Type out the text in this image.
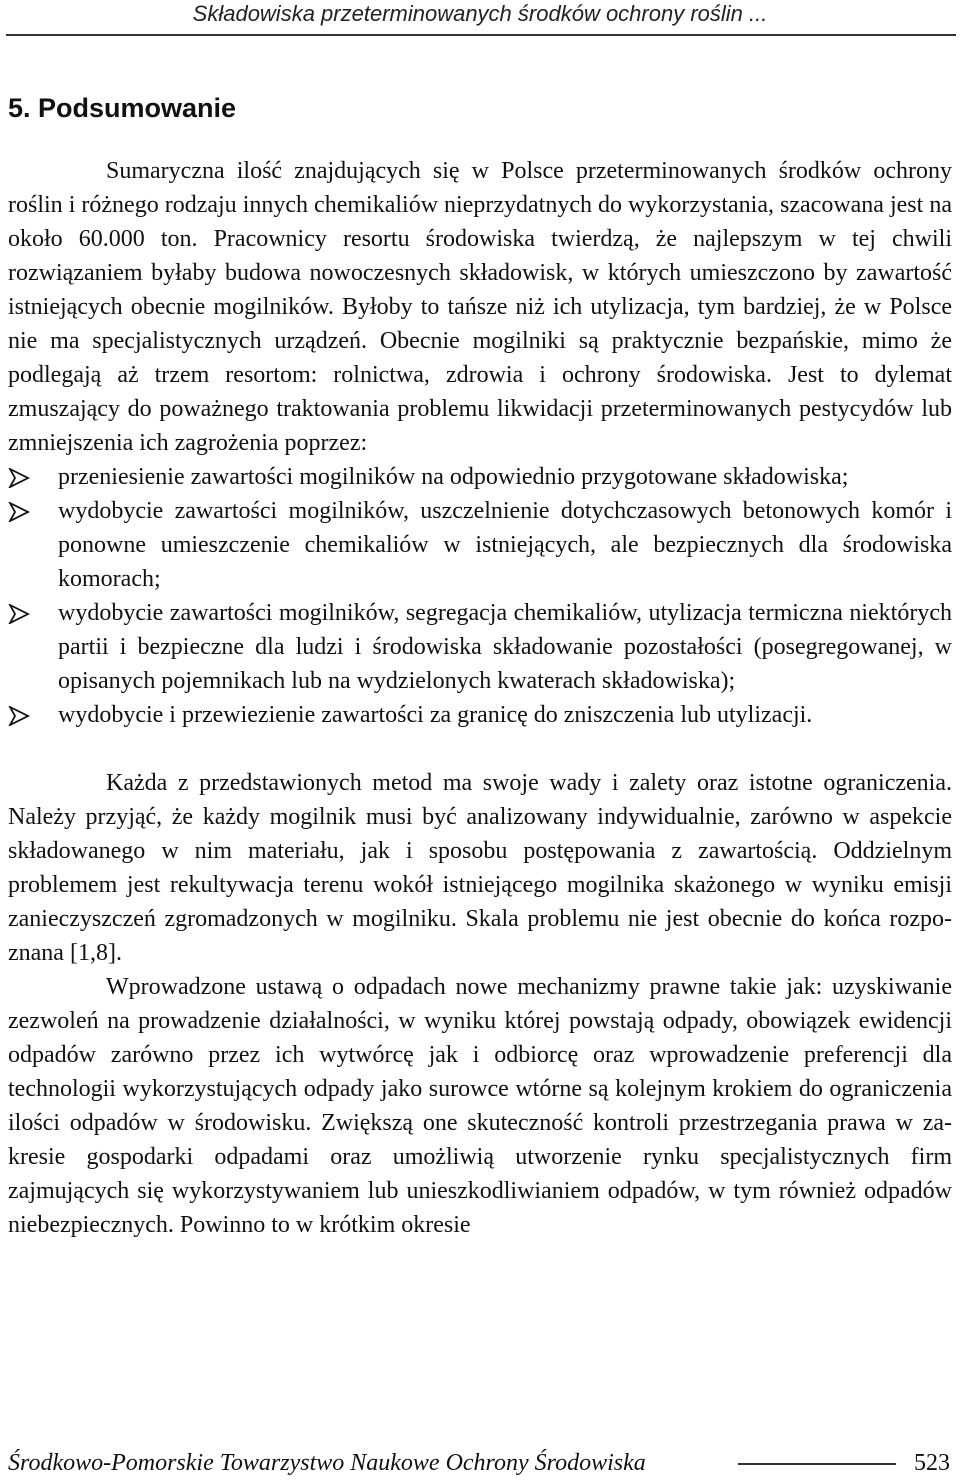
Składowiska przeterminowanych środków ochrony roślin ...
5. Podsumowanie

Sumaryczna ilość znajdujących się w Polsce przeterminowanych środków ochrony roślin i różnego rodzaju innych chemikaliów nieprzydatnych do wykorzystania, szacowana jest na około 60.000 ton. Pracownicy resortu środowiska twierdzą, że najlepszym w tej chwili rozwiązaniem byłaby budowa nowoczesnych składowisk, w których umieszczono by zawartość istniejących obecnie mogilników. Byłoby to tańsze niż ich utylizacja, tym bardziej, że w Polsce nie ma specjalistycznych urządzeń. Obecnie mogilniki są praktycznie bezpańskie, mimo że podlegają aż trzem resortom: rolnictwa, zdrowia i ochrony środowiska. Jest to dylemat zmuszający do poważnego traktowania problemu likwidacji przeterminowanych pestycydów lub zmniejszenia ich zagrożenia poprzez:

przeniesienie zawartości mogilników na odpowiednio przygotowane składowiska;
wydobycie zawartości mogilników, uszczelnienie dotychczasowych betonowych komór i ponowne umieszczenie chemikaliów w istniejących, ale bezpiecznych dla środowiska komorach;
wydobycie zawartości mogilników, segregacja chemikaliów, utylizacja termiczna niektórych partii i bezpieczne dla ludzi i środowiska składowanie pozostałości (posegregowanej, w opisanych pojemnikach lub na wydzielonych kwaterach składowiska);
wydobycie i przewiezienie zawartości za granicę do zniszczenia lub utylizacji.

Każda z przedstawionych metod ma swoje wady i zalety oraz istotne ograniczenia. Należy przyjąć, że każdy mogilnik musi być analizowany indywidualnie, zarówno w aspekcie składowanego w nim materiału, jak i sposobu postępowania z zawartością. Oddzielnym problemem jest rekultywacja terenu wokół istniejącego mogilnika skażonego w wyniku emisji zanieczyszczeń zgromadzonych w mogilniku. Skala problemu nie jest obecnie do końca rozpoznana [1,8].

Wprowadzone ustawą o odpadach nowe mechanizmy prawne takie jak: uzyskiwanie zezwoleń na prowadzenie działalności, w wyniku której powstają odpady, obowiązek ewidencji odpadów zarówno przez ich wytwórcę jak i odbiorcę oraz wprowadzenie preferencji dla technologii wykorzystujących odpady jako surowce wtórne są kolejnym krokiem do ograniczenia ilości odpadów w środowisku. Zwiększą one skuteczność kontroli przestrzegania prawa w zakresie gospodarki odpadami oraz umożliwią utworzenie rynku specjalistycznych firm zajmujących się wykorzystywaniem lub unieszkodliwianiem odpadów, w tym również odpadów niebezpiecznych. Powinno to w krótkim okresie

Środkowo-Pomorskie Towarzystwo Naukowe Ochrony Środowiska	523
